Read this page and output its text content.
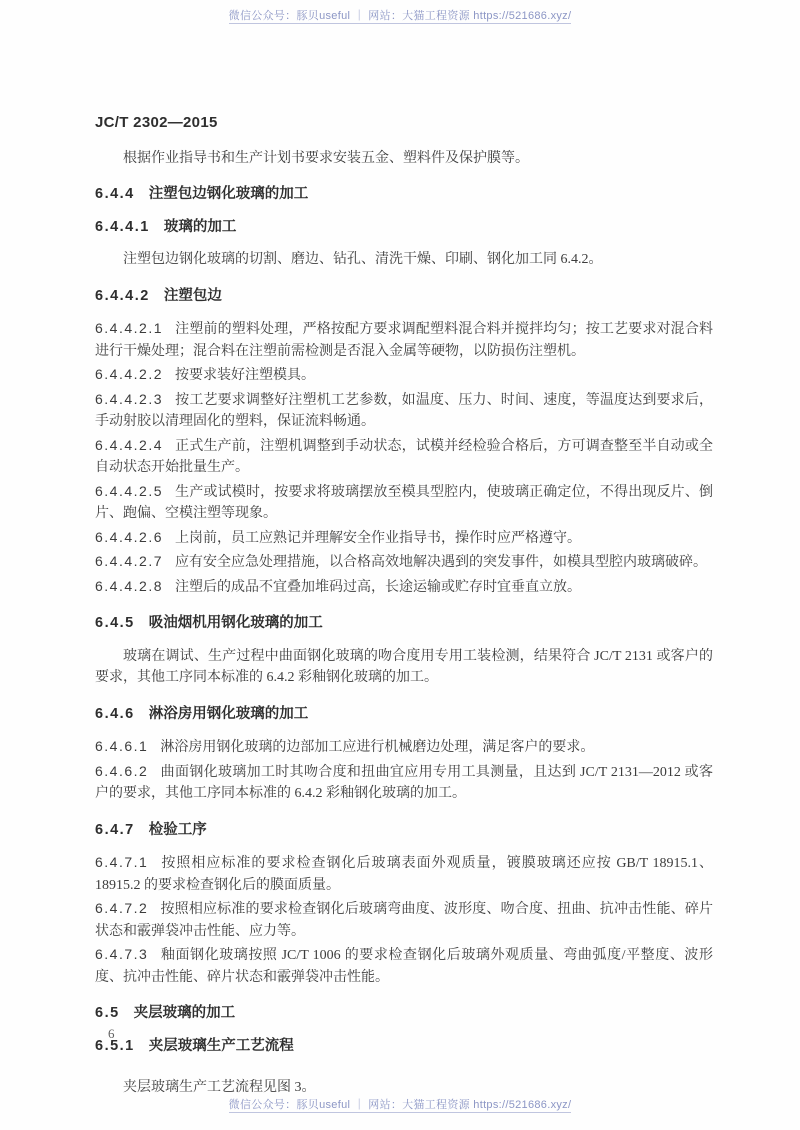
微信公众号：豚贝useful ｜ 网站：大猫工程资源 https://521686.xyz/
JC/T 2302—2015

根据作业指导书和生产计划书要求安装五金、塑料件及保护膜等。

6.4.4 注塑包边钢化玻璃的加工

6.4.4.1 玻璃的加工

注塑包边钢化玻璃的切割、磨边、钻孔、清洗干燥、印刷、钢化加工同 6.4.2。

6.4.4.2 注塑包边

6.4.4.2.1 注塑前的塑料处理，严格按配方要求调配塑料混合料并搅拌均匀；按工艺要求对混合料进行干燥处理；混合料在注塑前需检测是否混入金属等硬物，以防损伤注塑机。

6.4.4.2.2 按要求装好注塑模具。

6.4.4.2.3 按工艺要求调整好注塑机工艺参数，如温度、压力、时间、速度，等温度达到要求后，手动射胶以清理固化的塑料，保证流料畅通。

6.4.4.2.4 正式生产前，注塑机调整到手动状态，试模并经检验合格后，方可调查整至半自动或全自动状态开始批量生产。

6.4.4.2.5 生产或试模时，按要求将玻璃摆放至模具型腔内，使玻璃正确定位，不得出现反片、倒片、跑偏、空模注塑等现象。

6.4.4.2.6 上岗前，员工应熟记并理解安全作业指导书，操作时应严格遵守。

6.4.4.2.7 应有安全应急处理措施，以合格高效地解决遇到的突发事件，如模具型腔内玻璃破碎。

6.4.4.2.8 注塑后的成品不宜叠加堆码过高，长途运输或贮存时宜垂直立放。

6.4.5 吸油烟机用钢化玻璃的加工

玻璃在调试、生产过程中曲面钢化玻璃的吻合度用专用工装检测，结果符合 JC/T 2131 或客户的要求，其他工序同本标准的 6.4.2 彩釉钢化玻璃的加工。

6.4.6 淋浴房用钢化玻璃的加工

6.4.6.1 淋浴房用钢化玻璃的边部加工应进行机械磨边处理，满足客户的要求。

6.4.6.2 曲面钢化玻璃加工时其吻合度和扭曲宜应用专用工具测量，且达到 JC/T 2131—2012 或客户的要求，其他工序同本标准的 6.4.2 彩釉钢化玻璃的加工。

6.4.7 检验工序

6.4.7.1 按照相应标准的要求检查钢化后玻璃表面外观质量，镀膜玻璃还应按 GB/T 18915.1、18915.2 的要求检查钢化后的膜面质量。

6.4.7.2 按照相应标准的要求检查钢化后玻璃弯曲度、波形度、吻合度、扭曲、抗冲击性能、碎片状态和霰弹袋冲击性能、应力等。

6.4.7.3 釉面钢化玻璃按照 JC/T 1006 的要求检查钢化后玻璃外观质量、弯曲弧度/平整度、波形度、抗冲击性能、碎片状态和霰弹袋冲击性能。

6.5 夹层玻璃的加工

6.5.1 夹层玻璃生产工艺流程

夹层玻璃生产工艺流程见图 3。

6
微信公众号：豚贝useful ｜ 网站：大猫工程资源 https://521686.xyz/
